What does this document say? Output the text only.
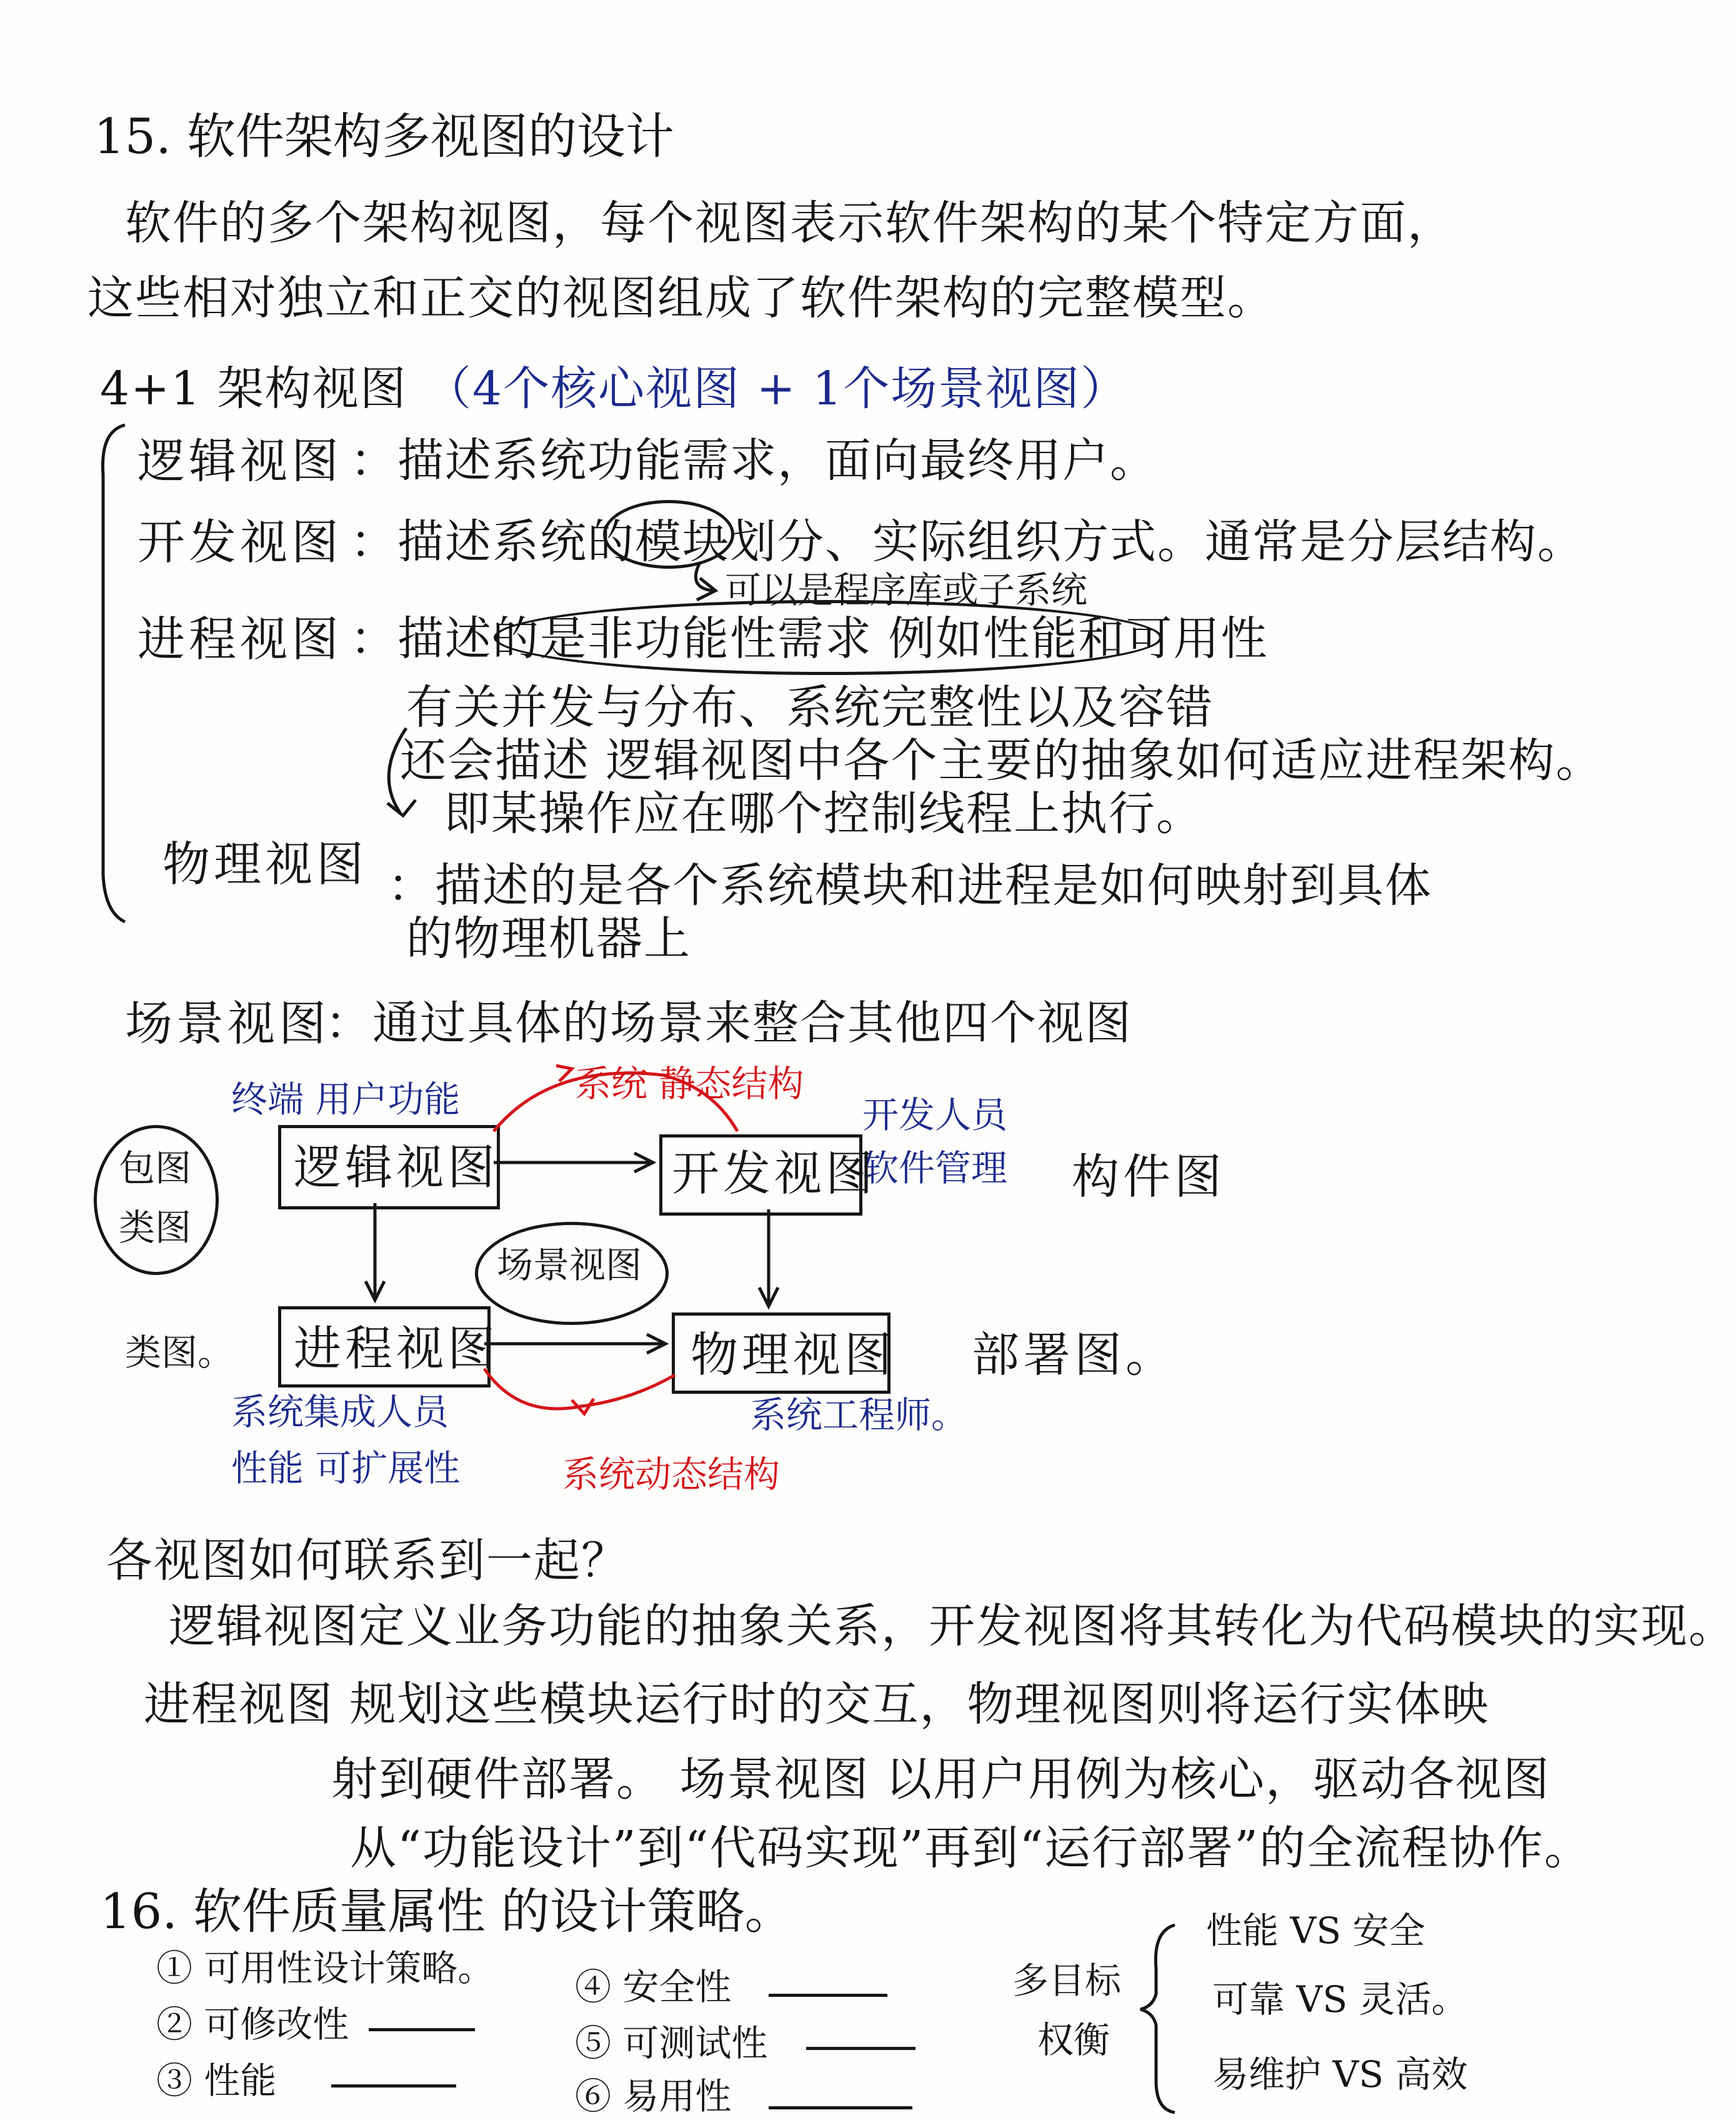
15. 软件架构多视图的设计
软件的多个架构视图，每个视图表示软件架构的某个特定方面，
这些相对独立和正交的视图组成了软件架构的完整模型。
4+1 架构视图 （4个核心视图 + 1个场景视图）
逻辑视图 ：描述系统功能需求，面向最终用户。
开发视图 ：描述系统的模块划分、实际组织方式。通常是分层结构。
可以是程序库或子系统
进程视图 ：描述的是非功能性需求 例如性能和可用性
有关并发与分布、系统完整性以及容错
还会描述 逻辑视图中各个主要的抽象如何适应进程架构。
即某操作应在哪个控制线程上执行。
物理视图 ：描述的是各个系统模块和进程是如何映射到具体
的物理机器上
场景视图
：通过具体的场景来整合其他四个视图
终端 用户功能	系统 静态结构
开发人员
软件管理
包图
类图
逻辑视图	开发视图	构件图
场景视图
类图。 进程视图	物理视图 部署图。
系统集成人员
性能 可扩展性
系统工程师。
系统动态结构
各视图如何联系到一起？
逻辑视图定义业务功能的抽象关系，开发视图将其转化为代码模块的实现。
进程视图 规划这些模块运行时的交互，物理视图则将运行实体映
射到硬件部署。 场景视图 以用户用例为核心，驱动各视图
从“功能设计”到“代码实现”再到“运行部署”的全流程协作。
16. 软件质量属性 的设计策略。
① 可用性设计策略。
② 可修改性
③ 性能
④ 安全性
⑤ 可测试性
⑥ 易用性
多目标
权衡
性能 VS 安全
可靠 VS 灵活。
易维护 VS 高效
